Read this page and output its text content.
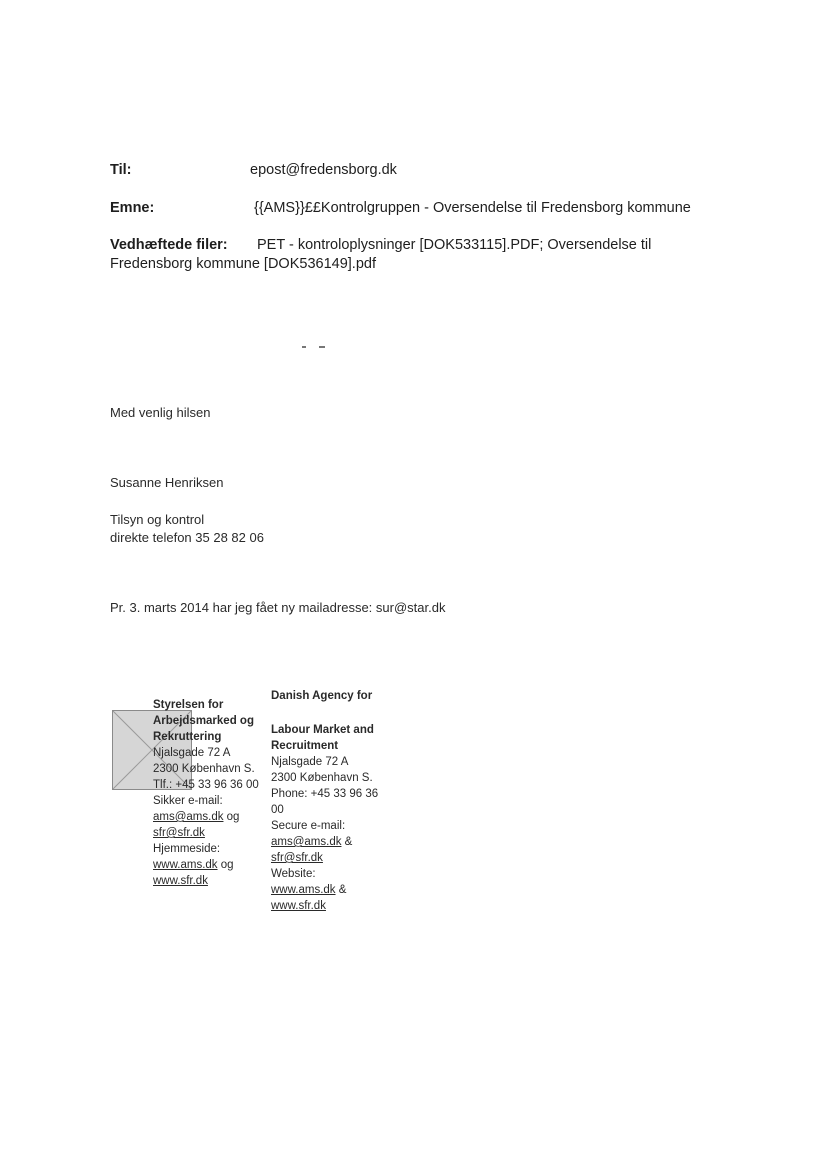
Til:	epost@fredensborg.dk
Emne:	{{AMS}}££Kontrolgruppen - Oversendelse til Fredensborg kommune
Vedhæftede filer: PET - kontroloplysninger [DOK533115].PDF; Oversendelse til
Fredensborg kommune [DOK536149].pdf
Med venlig hilsen
Susanne Henriksen
Tilsyn og kontrol
direkte telefon 35 28 82 06
Pr. 3. marts 2014 har jeg fået ny mailadresse: sur@star.dk
Styrelsen for
Arbejdsmarked og
Rekruttering
Njalsgade 72 A
2300 København S.
Tlf.: +45 33 96 36 00
Sikker e-mail:
ams@ams.dk og
sfr@sfr.dk
Hjemmeside:
www.ams.dk og
www.sfr.dk
Danish Agency for
Labour Market and
Recruitment
Njalsgade 72 A
2300 København S.
Phone: +45 33 96 36
00
Secure e-mail:
ams@ams.dk &
sfr@sfr.dk
Website:
www.ams.dk &
www.sfr.dk
